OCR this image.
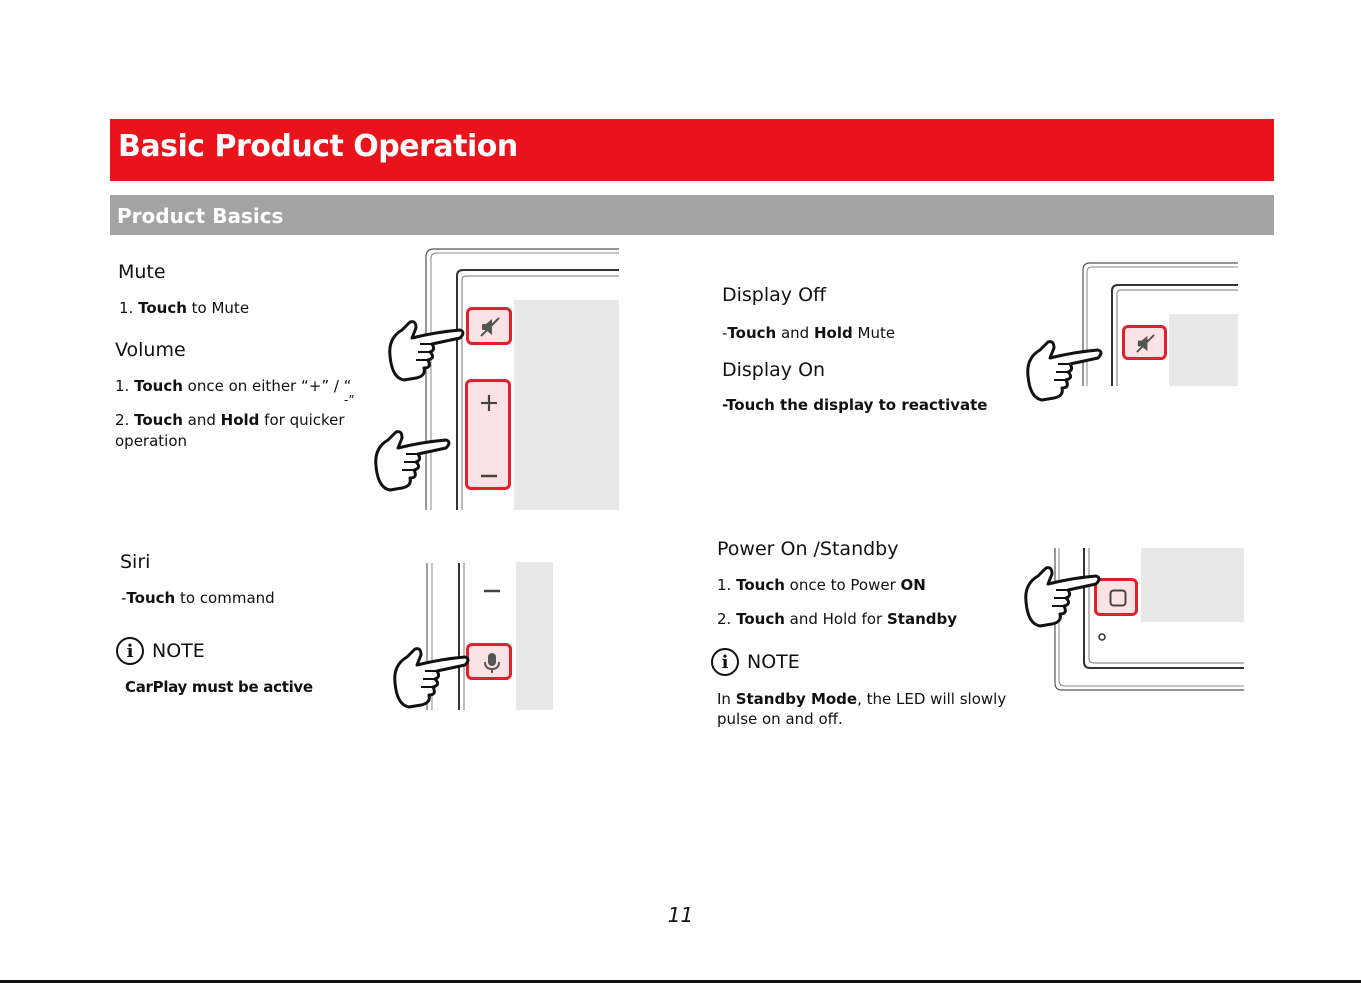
Basic Product Operation
Product Basics
Mute
1. Touch to Mute
Volume
1. Touch once on either “+” / “
-”
2. Touch and Hold for quicker
operation
Siri
-Touch to command
i NOTE
CarPlay must be active
Display Off
-Touch and Hold Mute
Display On
-Touch the display to reactivate
Power On /Standby
1. Touch once to Power ON
2. Touch and Hold for Standby
i NOTE
In Standby Mode, the LED will slowly
pulse on and off.
11
